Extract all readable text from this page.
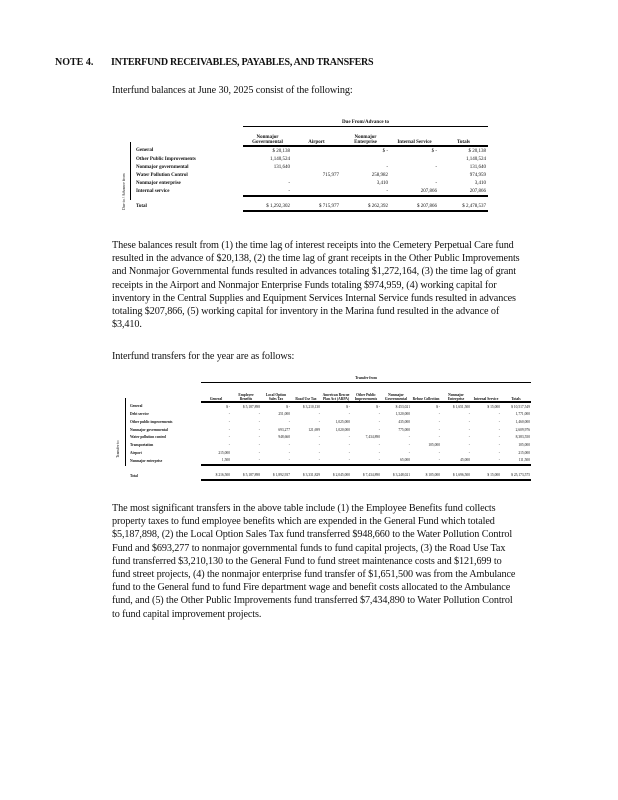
NOTE 4. INTERFUND RECEIVABLES, PAYABLES, AND TRANSFERS
Interfund balances at June 30, 2025 consist of the following:
Due to / Advance from
	Due From/Advance to				
	Nonmajor Governmental	Airport	Nonmajor Enterprise	Internal Service	Totals
General	$ 20,138		$ -	$ -	$ 20,138
Other Public Improvements	1,140,524				1,140,524
Nonmajor governmental	131,640		-	-	131,640
Water Pollution Control		715,977	258,982		974,959
Nonmajor enterprise	-		3,410	-	3,410
Internal service	-		-	207,866	207,866

Total	$ 1,292,302	$ 715,977	$ 262,392	$ 207,866	$ 2,478,537
These balances result from (1) the time lag of interest receipts into the Cemetery Perpetual Care fund resulted in the advance of $20,138, (2) the time lag of grant receipts in the Other Public Improvements and Nonmajor Governmental funds resulted in advances totaling $1,272,164, (3) the time lag of grant receipts in the Airport and Nonmajor Enterprise Funds totaling $974,959, (4) working capital for inventory in the Central Supplies and Equipment Services Internal Service funds resulted in advances totaling $207,866, (5) working capital for inventory in the Marina fund resulted in the advance of $3,410.
Interfund transfers for the year are as follows:
Transfer to
	Transfer from										
	General	Employee Benefits	Local Option Sales Tax	Road Use Tax	American Rescue Plan Act (ARPA)	Other Public Improvements	Nonmajor Governmental	Refuse Collection	Nonmajor Enterprise	Internal Service	Totals
General	$ -	$ 5,187,898	$ -	$ 3,210,130	$ -	$ -	$ 453,021	$ -	$ 1,651,500	$ 15,000	$ 10,517,549
Debt service	-	-	251,000	-	-	-	1,520,000	-	-	-	1,771,000
Other public improvements	-	-	-	-	1,025,000	-	435,000	-	-	-	1,460,000
Nonmajor governmental	-	-	693,277	121,699	1,020,000	-	775,000	-	-	-	2,609,976
Water pollution control	-	-	948,660	-	-	7,434,890	-	-	-	-	8,383,550
Transportation	-	-	-	-	-	-	-	105,000	-	-	105,000
Airport	215,000	-	-	-	-	-	-	-	-	-	215,000
Nonmajor enterprise	1,500	-	-	-	-	-	65,000	-	45,000	-	111,500

Total	$ 216,500	$ 5,187,898	$ 1,892,937	$ 3,331,829	$ 2,045,000	$ 7,434,890	$ 3,248,021	$ 105,000	$ 1,696,500	$ 15,000	$ 25,173,575
The most significant transfers in the above table include (1) the Employee Benefits fund collects property taxes to fund employee benefits which are expended in the General Fund which totaled $5,187,898, (2) the Local Option Sales Tax fund transferred $948,660 to the Water Pollution Control Fund and $693,277 to nonmajor governmental funds to fund capital projects, (3) the Road Use Tax fund transferred $3,210,130 to the General Fund to fund street maintenance costs and $121,699 to fund street projects, (4) the nonmajor enterprise fund transfer of $1,651,500 was from the Ambulance fund to the General fund to fund Fire department wage and benefit costs allocated to the Ambulance fund, and (5) the Other Public Improvements fund transferred $7,434,890 to Water Pollution Control to fund capital improvement projects.
